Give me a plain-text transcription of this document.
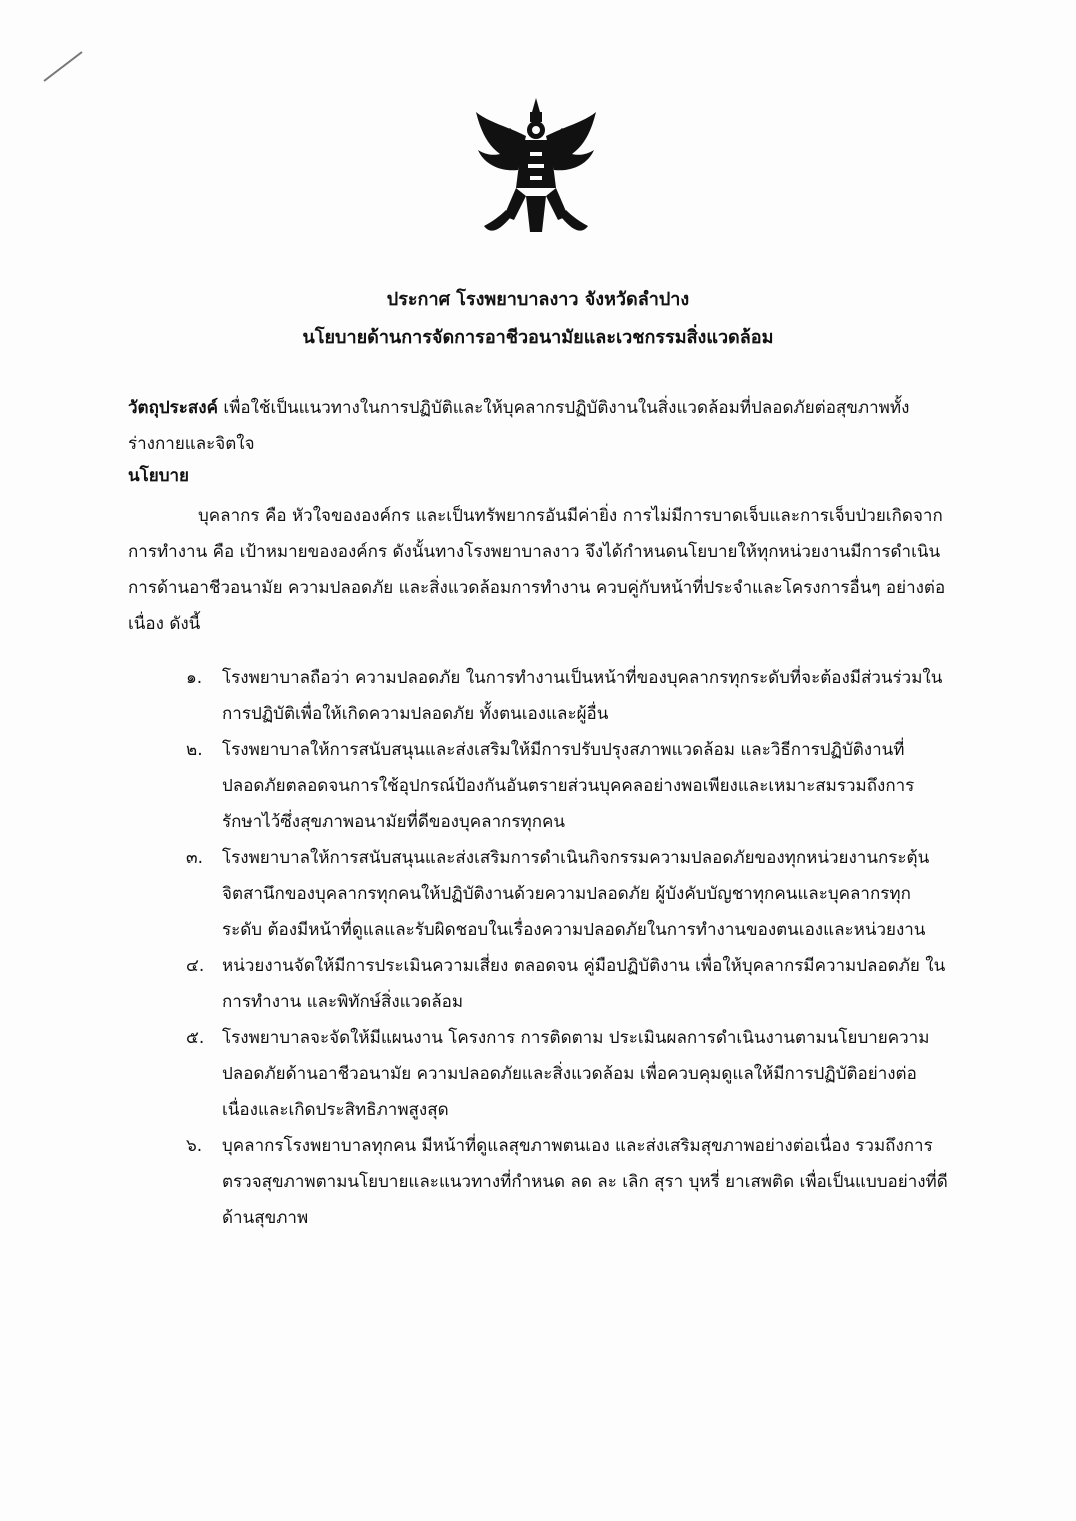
ประกาศ โรงพยาบาลงาว จังหวัดลำปาง
นโยบายด้านการจัดการอาชีวอนามัยและเวชกรรมสิ่งแวดล้อม
วัตถุประสงค์ เพื่อใช้เป็นแนวทางในการปฏิบัติและให้บุคลากรปฏิบัติงานในสิ่งแวดล้อมที่ปลอดภัยต่อสุขภาพทั้งร่างกายและจิตใจ
นโยบาย
บุคลากร คือ หัวใจขององค์กร และเป็นทรัพยากรอันมีค่ายิ่ง การไม่มีการบาดเจ็บและการเจ็บป่วยเกิดจากการทำงาน คือ เป้าหมายขององค์กร ดังนั้นทางโรงพยาบาลงาว จึงได้กำหนดนโยบายให้ทุกหน่วยงานมีการดำเนินการด้านอาชีวอนามัย ความปลอดภัย และสิ่งแวดล้อมการทำงาน ควบคู่กับหน้าที่ประจำและโครงการอื่นๆ อย่างต่อเนื่อง ดังนี้
๑.	โรงพยาบาลถือว่า ความปลอดภัย ในการทำงานเป็นหน้าที่ของบุคลากรทุกระดับที่จะต้องมีส่วนร่วมในการปฏิบัติเพื่อให้เกิดความปลอดภัย ทั้งตนเองและผู้อื่น
๒.	โรงพยาบาลให้การสนับสนุนและส่งเสริมให้มีการปรับปรุงสภาพแวดล้อม และวิธีการปฏิบัติงานที่ปลอดภัยตลอดจนการใช้อุปกรณ์ป้องกันอันตรายส่วนบุคคลอย่างพอเพียงและเหมาะสมรวมถึงการรักษาไว้ซึ่งสุขภาพอนามัยที่ดีของบุคลากรทุกคน
๓.	โรงพยาบาลให้การสนับสนุนและส่งเสริมการดำเนินกิจกรรมความปลอดภัยของทุกหน่วยงานกระตุ้นจิตสานึกของบุคลากรทุกคนให้ปฏิบัติงานด้วยความปลอดภัย ผู้บังคับบัญชาทุกคนและบุคลากรทุกระดับ ต้องมีหน้าที่ดูแลและรับผิดชอบในเรื่องความปลอดภัยในการทำงานของตนเองและหน่วยงาน
๔.	หน่วยงานจัดให้มีการประเมินความเสี่ยง ตลอดจน คู่มือปฏิบัติงาน เพื่อให้บุคลากรมีความปลอดภัย ในการทำงาน และพิทักษ์สิ่งแวดล้อม
๕.	โรงพยาบาลจะจัดให้มีแผนงาน โครงการ การติดตาม ประเมินผลการดำเนินงานตามนโยบายความปลอดภัยด้านอาชีวอนามัย ความปลอดภัยและสิ่งแวดล้อม เพื่อควบคุมดูแลให้มีการปฏิบัติอย่างต่อเนื่องและเกิดประสิทธิภาพสูงสุด
๖.	บุคลากรโรงพยาบาลทุกคน มีหน้าที่ดูแลสุขภาพตนเอง และส่งเสริมสุขภาพอย่างต่อเนื่อง รวมถึงการตรวจสุขภาพตามนโยบายและแนวทางที่กำหนด ลด ละ เลิก สุรา บุหรี่ ยาเสพติด เพื่อเป็นแบบอย่างที่ดี ด้านสุขภาพ
